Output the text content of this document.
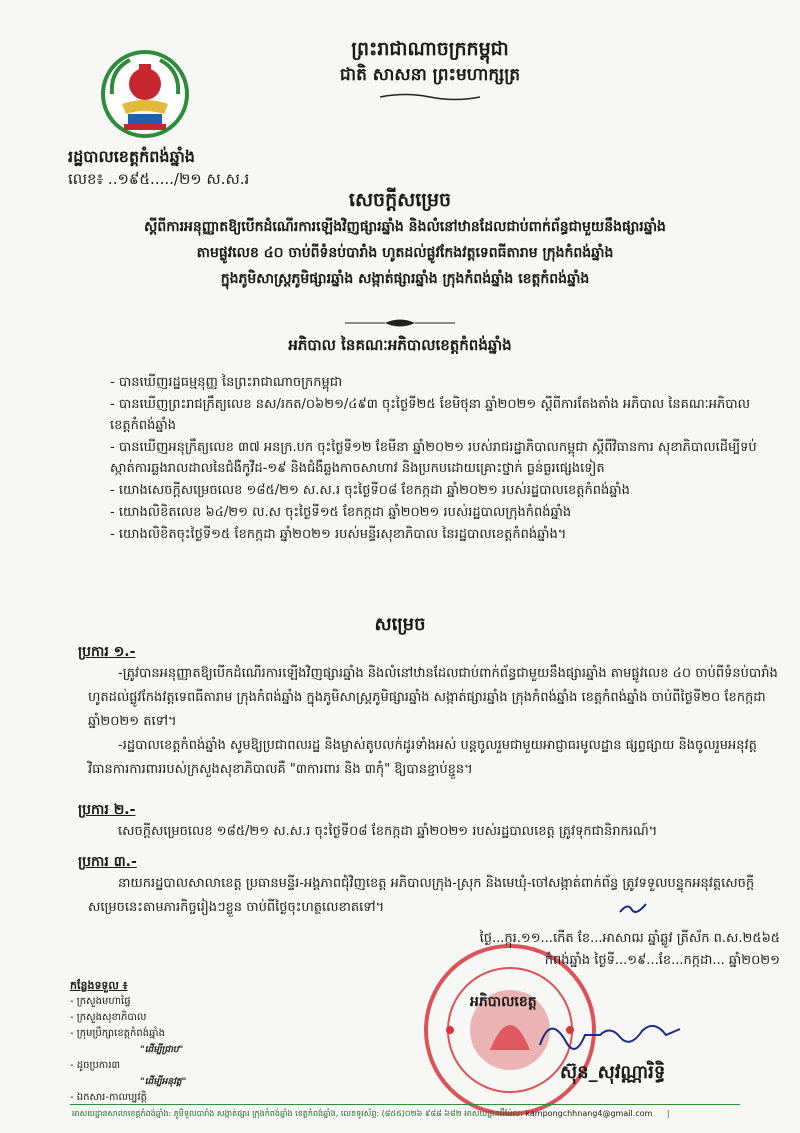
ព្រះរាជាណាចក្រកម្ពុជា
ជាតិ សាសនា ព្រះមហាក្សត្រ
រដ្ឋបាលខេត្តកំពង់ឆ្នាំង
លេខ៖ ..១៩៥...../២១ ស.ស.រ
សេចក្ដីសម្រេច
ស្ដីពីការអនុញ្ញាតឱ្យបើកដំណើរការឡើងវិញផ្សារឆ្នាំង និងលំនៅឋានដែលជាប់ពាក់ព័ន្ធជាមួយនឹងផ្សារឆ្នាំង
តាមផ្លូវលេខ ៤០ ចាប់ពីទំនប់បារាំង ហូតដល់ផ្លូវកែងវត្តទេពធីតារាម ក្រុងកំពង់ឆ្នាំង
ក្នុងភូមិសាស្ត្រភូមិផ្សារឆ្នាំង សង្កាត់ផ្សារឆ្នាំង ក្រុងកំពង់ឆ្នាំង ខេត្តកំពង់ឆ្នាំង
អភិបាល នៃគណៈអភិបាលខេត្តកំពង់ឆ្នាំង
- បានឃើញរដ្ឋធម្មនុញ្ញ នៃព្រះរាជាណាចក្រកម្ពុជា
- បានឃើញព្រះរាជក្រឹត្យលេខ នស/រកត/០៦២១/៤៩៣ ចុះថ្ងៃទី២៥ ខែមិថុនា ឆ្នាំ២០២១ ស្ដីពីការតែងតាំង អភិបាល នៃគណៈអភិបាលខេត្តកំពង់ឆ្នាំង
- បានឃើញអនុក្រឹត្យលេខ ៣៧ អនក្រ.បក ចុះថ្ងៃទី១២ ខែមីនា ឆ្នាំ២០២១ របស់រាជរដ្ឋាភិបាលកម្ពុជា ស្ដីពីវិធានការ សុខាភិបាលដើម្បីទប់ស្កាត់ការឆ្លងរាលដាលនៃជំងឺកូវីដ-១៩ និងជំងឺឆ្លងកាចសាហាវ និងប្រកបដោយគ្រោះថ្នាក់ ធ្ងន់ធ្ងរផ្សេងទៀត
- យោងសេចក្ដីសម្រេចលេខ ១៨៥/២១ ស.ស.រ ចុះថ្ងៃទី០៨ ខែកក្កដា ឆ្នាំ២០២១ របស់រដ្ឋបាលខេត្តកំពង់ឆ្នាំង
- យោងលិខិតលេខ ៦៤/២១ ល.ស ចុះថ្ងៃទី១៥ ខែកក្កដា ឆ្នាំ២០២១ របស់រដ្ឋបាលក្រុងកំពង់ឆ្នាំង
- យោងលិខិតចុះថ្ងៃទី១៥ ខែកក្កដា ឆ្នាំ២០២១ របស់មន្ទីរសុខាភិបាល នៃរដ្ឋបាលខេត្តកំពង់ឆ្នាំង។
សម្រេច
ប្រការ ១.-
-ត្រូវបានអនុញ្ញាតឱ្យបើកដំណើរការឡើងវិញផ្សារឆ្នាំង និងលំនៅឋានដែលជាប់ពាក់ព័ន្ធជាមួយនឹងផ្សារឆ្នាំង តាមផ្លូវលេខ ៤០ ចាប់ពីទំនប់បារាំង ហូតដល់ផ្លូវកែងវត្តទេពធីតារាម ក្រុងកំពង់ឆ្នាំង ក្នុងភូមិសាស្ត្រភូមិផ្សារឆ្នាំង សង្កាត់ផ្សារឆ្នាំង ក្រុងកំពង់ឆ្នាំង ខេត្តកំពង់ឆ្នាំង ចាប់ពីថ្ងៃទី២០ ខែកក្កដា ឆ្នាំ២០២១ តទៅ។
-រដ្ឋបាលខេត្តកំពង់ឆ្នាំង សូមឱ្យប្រជាពលរដ្ឋ និងម្ចាស់តូបលក់ដូរទាំងអស់ បន្តចូលរួមជាមួយអាជ្ញាធរមូលដ្ឋាន ផ្សព្វផ្សាយ និងចូលរួមអនុវត្តវិធានការការពាររបស់ក្រសួងសុខាភិបាលគឺ "៣ការពារ និង ៣កុំ" ឱ្យបានខ្ជាប់ខ្ជួន។
ប្រការ ២.-
សេចក្ដីសម្រេចលេខ ១៨៥/២១ ស.ស.រ ចុះថ្ងៃទី០៨ ខែកក្កដា ឆ្នាំ២០២១ របស់រដ្ឋបាលខេត្ត ត្រូវទុកជានិរាករណ៍។
ប្រការ ៣.-
នាយករដ្ឋបាលសាលាខេត្ត ប្រធានមន្ទីរ-អង្គភាពជុំវិញខេត្ត អភិបាលក្រុង-ស្រុក និងមេឃុំ-ចៅសង្កាត់ពាក់ព័ន្ធ ត្រូវទទួលបន្ទុកអនុវត្តសេចក្ដីសម្រេចនេះតាមភារកិច្ចរៀងៗខ្លួន ចាប់ពីថ្ងៃចុះហត្ថលេខាតទៅ។
ថ្ងៃ...ក្កុរ.១១...កើត ខែ...អាសាឍ ឆ្នាំឆ្លូវ ត្រីស័ក ព.ស.២៥៦៥
កំពង់ឆ្នាំង ថ្ងៃទី...១៩...ខែ...កក្កដា... ឆ្នាំ២០២១
អភិបាលខេត្ត
ស៊ុន_សុវណ្ណារិទ្ធិ
កន្លែងទទួល ៖
- ក្រសួងមហាផ្ទៃ
- ក្រសួងសុខាភិបាល
- ក្រុមប្រឹក្សាខេត្តកំពង់ឆ្នាំង
"ដើម្បីជ្រាប"
- ដូចប្រការ៣
"ដើម្បីអនុវត្ត"
- ឯកសារ-កាលប្បវត្តិ
អាសយដ្ឋានសាលាខេត្តកំពង់ឆ្នាំង: ភូមិទួលបារាំង សង្កាត់ផ្សារ ក្រុងកំពង់ឆ្នាំង ខេត្តកំពង់ឆ្នាំង, លេខទូរស័ព្ទ: (៨៥៥)០២៦ ៩៨៨ ៦៨២ អាសយដ្ឋានអ៊ីម៉ែល: kampongchhnang4@gmail.com |
